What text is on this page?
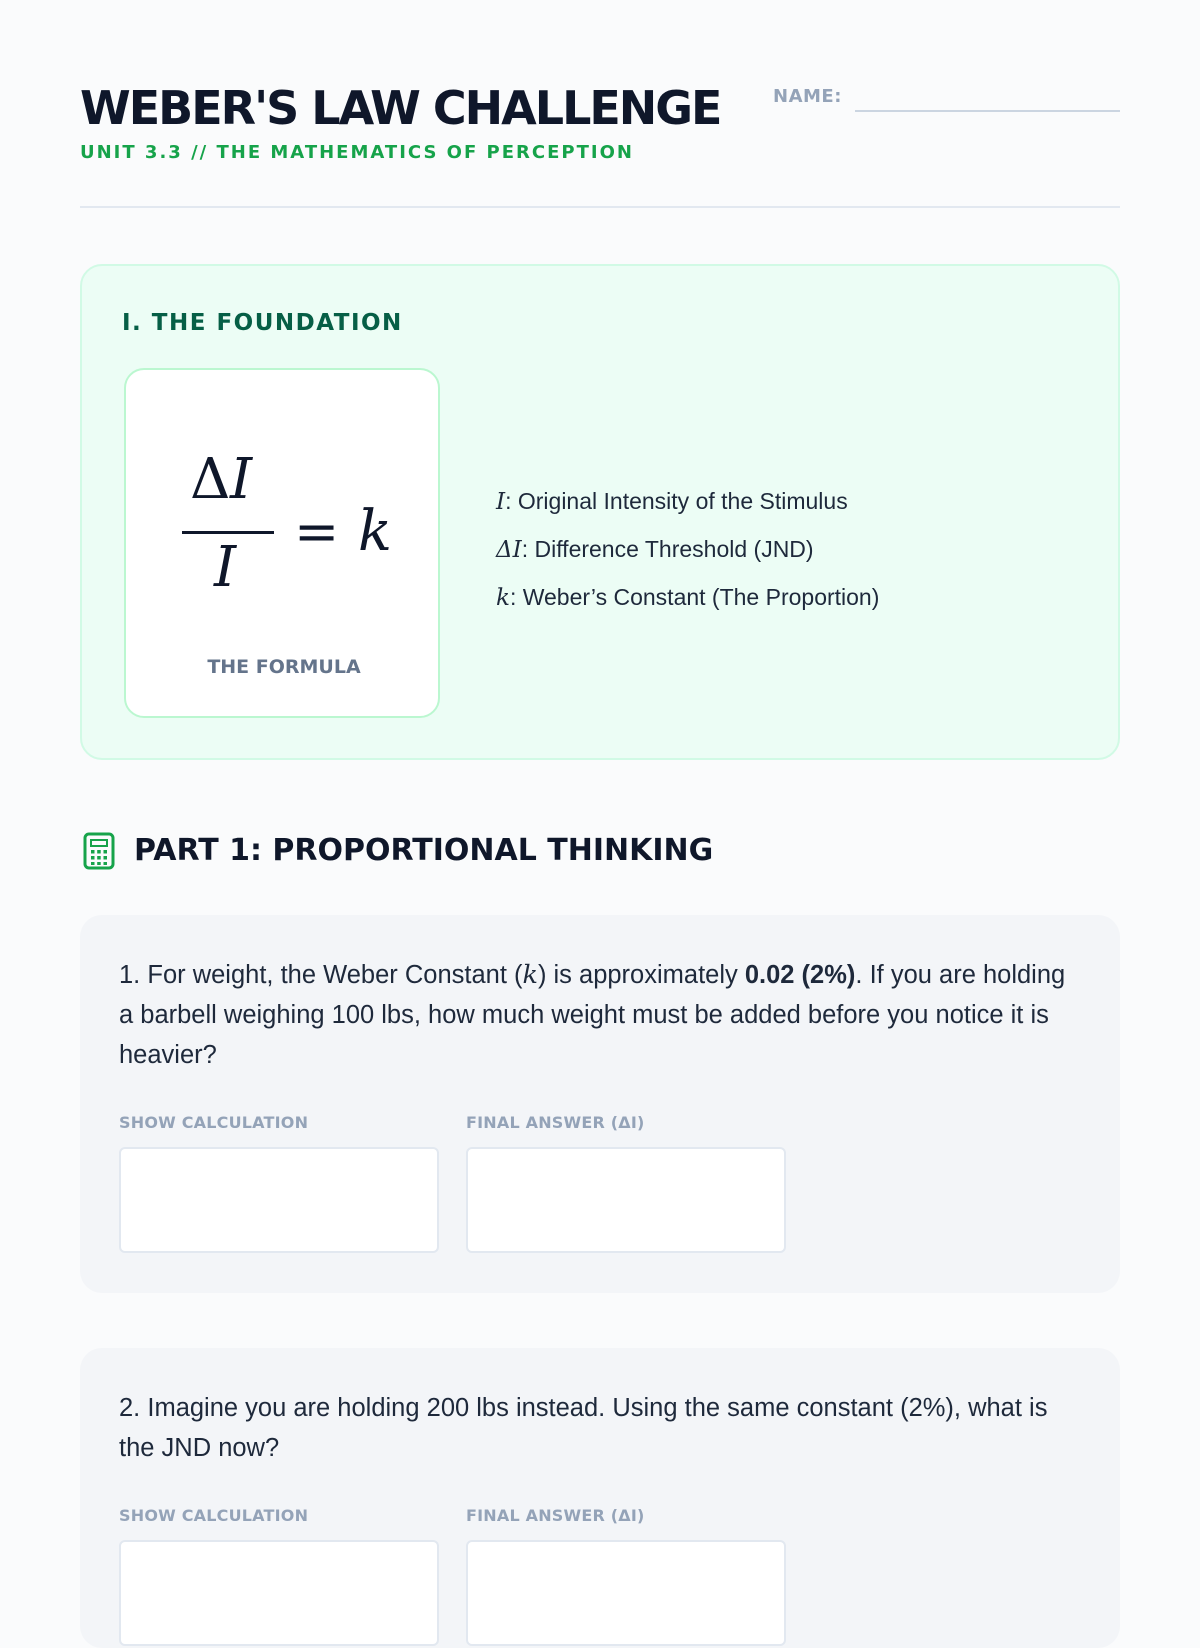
WEBER'S LAW CHALLENGE
UNIT 3.3 // THE MATHEMATICS OF PERCEPTION
NAME:
I. THE FOUNDATION
Δ I
I
= k
THE FORMULA
I: Original Intensity of the Stimulus
ΔI: Difference Threshold (JND)
k: Weber’s Constant (The Proportion)
PART 1: PROPORTIONAL THINKING

1. For weight, the Weber Constant (k) is approximately 0.02 (2%). If you are holding a barbell weighing 100 lbs, how much weight must be added before you notice it is heavier?

SHOW CALCULATION	FINAL ANSWER (ΔI)

2. Imagine you are holding 200 lbs instead. Using the same constant (2%), what is the JND now?

SHOW CALCULATION	FINAL ANSWER (ΔI)
